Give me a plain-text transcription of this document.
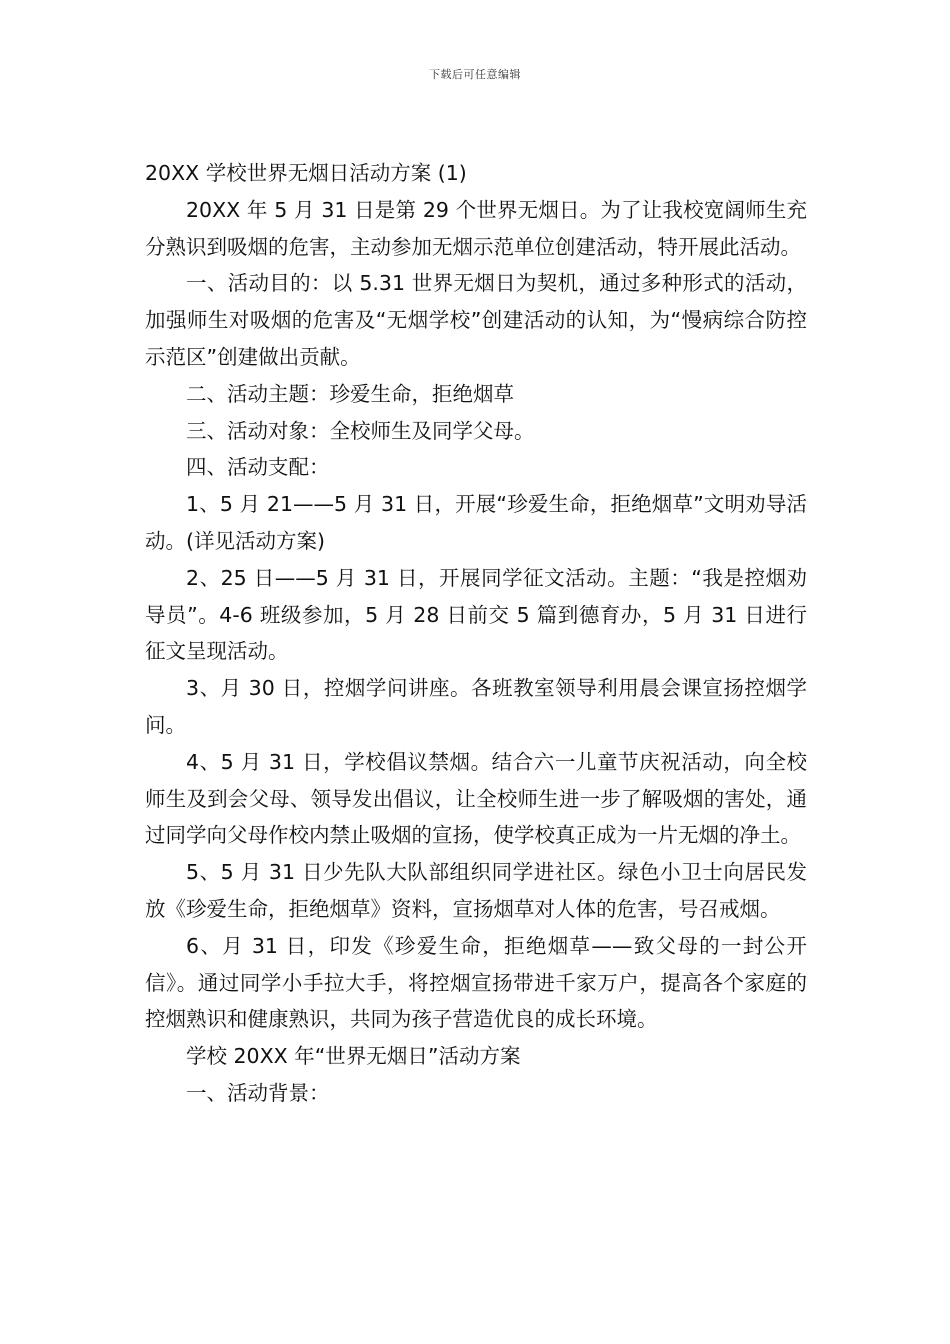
下载后可任意编辑

20XX 学校世界无烟日活动方案 (1)

20XX 年 5 月 31 日是第 29 个世界无烟日。为了让我校宽阔师生充分熟识到吸烟的危害，主动参加无烟示范单位创建活动，特开展此活动。

一、活动目的：以 5.31 世界无烟日为契机，通过多种形式的活动，加强师生对吸烟的危害及“无烟学校”创建活动的认知，为“慢病综合防控示范区”创建做出贡献。

二、活动主题：珍爱生命，拒绝烟草

三、活动对象：全校师生及同学父母。

四、活动支配：

1、5 月 21——5 月 31 日，开展“珍爱生命，拒绝烟草”文明劝导活动。(详见活动方案)

2、25 日——5 月 31 日，开展同学征文活动。主题：“我是控烟劝导员”。4-6 班级参加，5 月 28 日前交 5 篇到德育办，5 月 31 日进行征文呈现活动。

3、月 30 日，控烟学问讲座。各班教室领导利用晨会课宣扬控烟学问。

4、5 月 31 日，学校倡议禁烟。结合六一儿童节庆祝活动，向全校师生及到会父母、领导发出倡议，让全校师生进一步了解吸烟的害处，通过同学向父母作校内禁止吸烟的宣扬，使学校真正成为一片无烟的净土。

5、5 月 31 日少先队大队部组织同学进社区。绿色小卫士向居民发放《珍爱生命，拒绝烟草》资料，宣扬烟草对人体的危害，号召戒烟。

6、月 31 日，印发《珍爱生命，拒绝烟草——致父母的一封公开信》。通过同学小手拉大手，将控烟宣扬带进千家万户，提高各个家庭的控烟熟识和健康熟识，共同为孩子营造优良的成长环境。

学校 20XX 年“世界无烟日”活动方案

一、活动背景：
